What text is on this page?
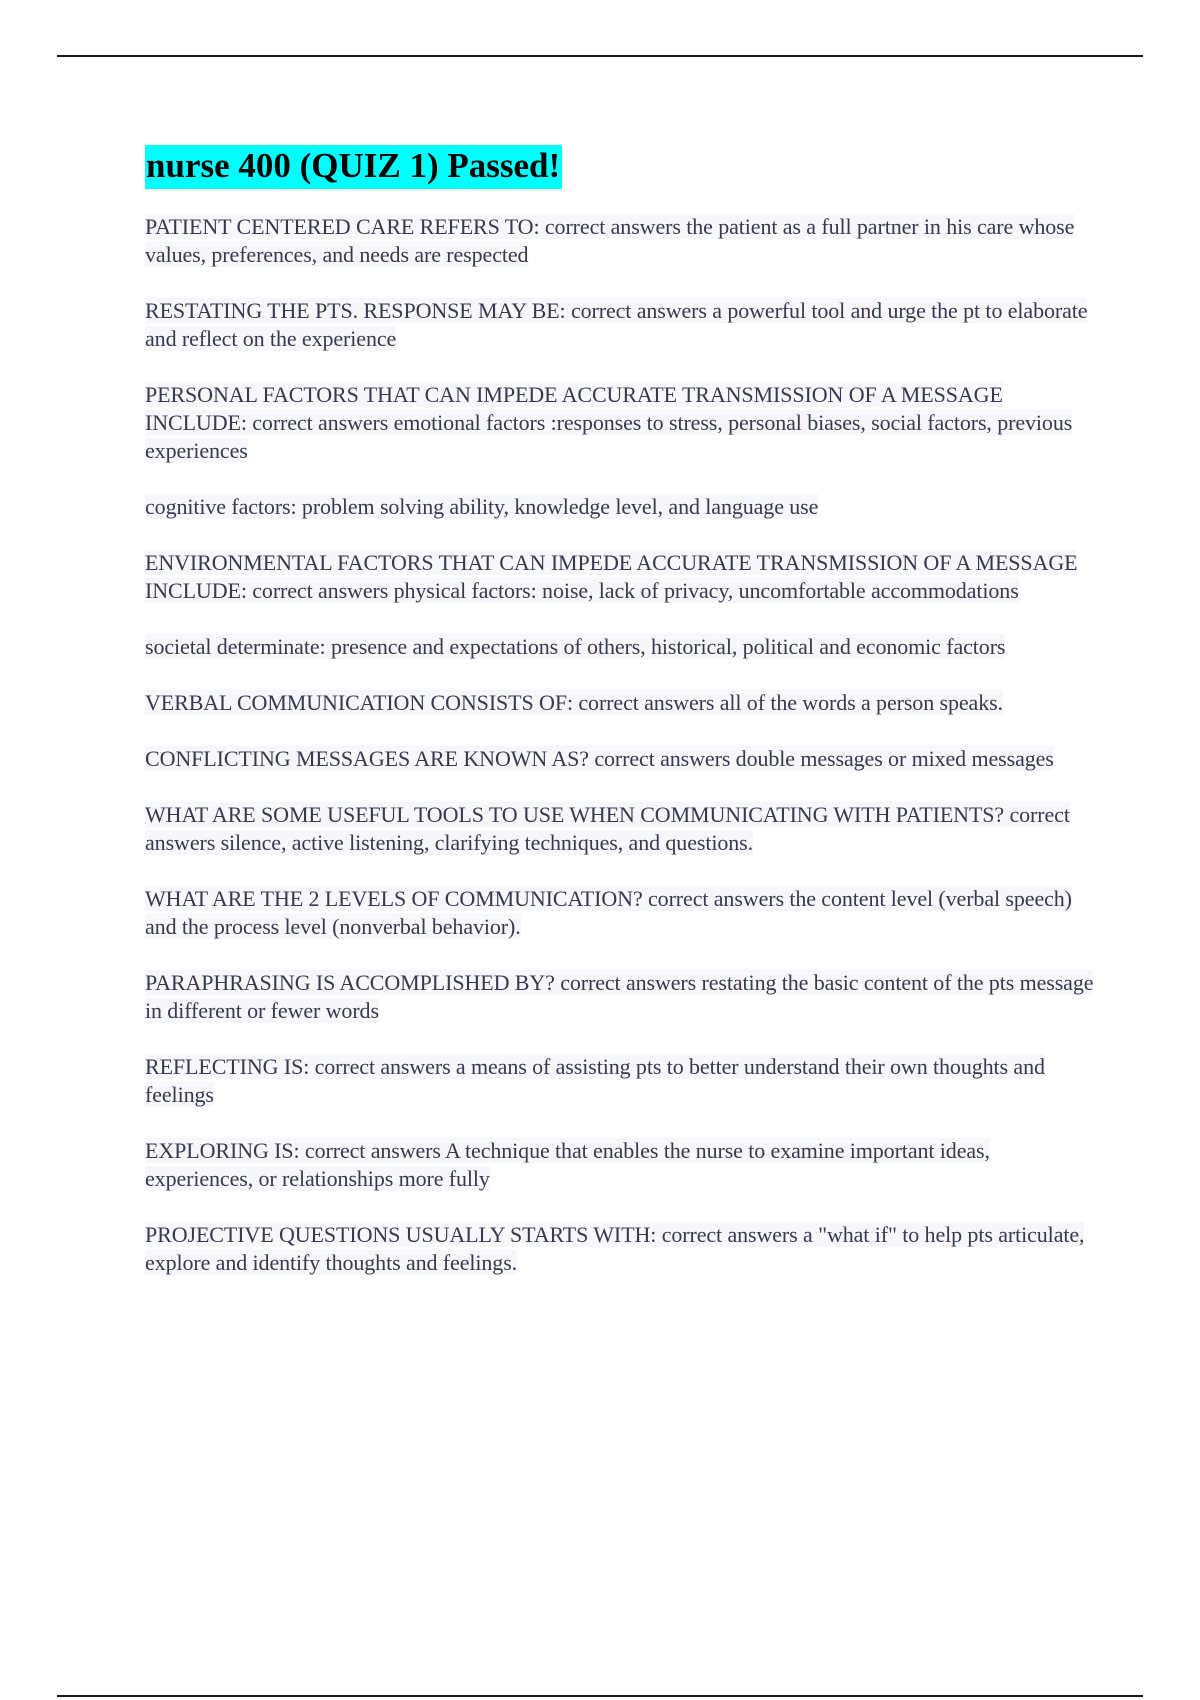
nurse 400 (QUIZ 1) Passed!

PATIENT CENTERED CARE REFERS TO: correct answers the patient as a full partner in his care whose values, preferences, and needs are respected

RESTATING THE PTS. RESPONSE MAY BE: correct answers a powerful tool and urge the pt to elaborate and reflect on the experience

PERSONAL FACTORS THAT CAN IMPEDE ACCURATE TRANSMISSION OF A MESSAGE INCLUDE: correct answers emotional factors :responses to stress, personal biases, social factors, previous experiences

cognitive factors: problem solving ability, knowledge level, and language use

ENVIRONMENTAL FACTORS THAT CAN IMPEDE ACCURATE TRANSMISSION OF A MESSAGE INCLUDE: correct answers physical factors: noise, lack of privacy, uncomfortable accommodations

societal determinate: presence and expectations of others, historical, political and economic factors

VERBAL COMMUNICATION CONSISTS OF: correct answers all of the words a person speaks.

CONFLICTING MESSAGES ARE KNOWN AS? correct answers double messages or mixed messages

WHAT ARE SOME USEFUL TOOLS TO USE WHEN COMMUNICATING WITH PATIENTS? correct answers silence, active listening, clarifying techniques, and questions.

WHAT ARE THE 2 LEVELS OF COMMUNICATION? correct answers the content level (verbal speech) and the process level (nonverbal behavior).

PARAPHRASING IS ACCOMPLISHED BY? correct answers restating the basic content of the pts message in different or fewer words

REFLECTING IS: correct answers a means of assisting pts to better understand their own thoughts and feelings

EXPLORING IS: correct answers A technique that enables the nurse to examine important ideas, experiences, or relationships more fully

PROJECTIVE QUESTIONS USUALLY STARTS WITH: correct answers a "what if" to help pts articulate, explore and identify thoughts and feelings.
